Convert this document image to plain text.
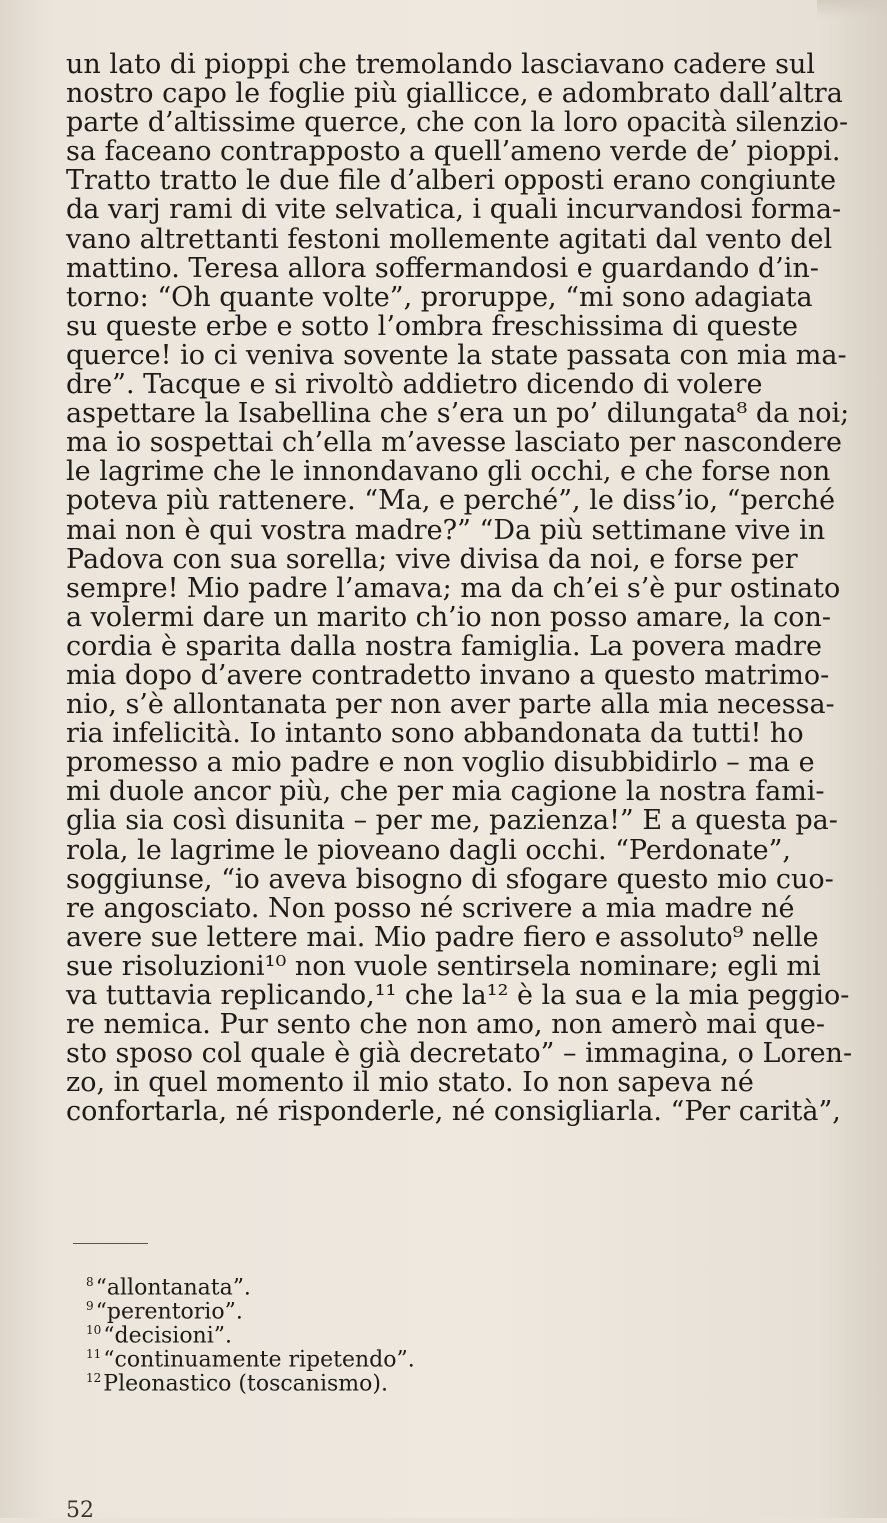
un lato di pioppi che tremolando lasciavano cadere sul
nostro capo le foglie più giallicce, e adombrato dall’altra
parte d’altissime querce, che con la loro opacità silenzio-
sa faceano contrapposto a quell’ameno verde de’ pioppi.
Tratto tratto le due file d’alberi opposti erano congiunte
da varj rami di vite selvatica, i quali incurvandosi forma-
vano altrettanti festoni mollemente agitati dal vento del
mattino. Teresa allora soffermandosi e guardando d’in-
torno: “Oh quante volte”, proruppe, “mi sono adagiata
su queste erbe e sotto l’ombra freschissima di queste
querce! io ci veniva sovente la state passata con mia ma-
dre”. Tacque e si rivoltò addietro dicendo di volere
aspettare la Isabellina che s’era un po’ dilungata⁸ da noi;
ma io sospettai ch’ella m’avesse lasciato per nascondere
le lagrime che le innondavano gli occhi, e che forse non
poteva più rattenere. “Ma, e perché”, le diss’io, “perché
mai non è qui vostra madre?” “Da più settimane vive in
Padova con sua sorella; vive divisa da noi, e forse per
sempre! Mio padre l’amava; ma da ch’ei s’è pur ostinato
a volermi dare un marito ch’io non posso amare, la con-
cordia è sparita dalla nostra famiglia. La povera madre
mia dopo d’avere contradetto invano a questo matrimo-
nio, s’è allontanata per non aver parte alla mia necessa-
ria infelicità. Io intanto sono abbandonata da tutti! ho
promesso a mio padre e non voglio disubbidirlo – ma e
mi duole ancor più, che per mia cagione la nostra fami-
glia sia così disunita – per me, pazienza!” E a questa pa-
rola, le lagrime le pioveano dagli occhi. “Perdonate”,
soggiunse, “io aveva bisogno di sfogare questo mio cuo-
re angosciato. Non posso né scrivere a mia madre né
avere sue lettere mai. Mio padre fiero e assoluto⁹ nelle
sue risoluzioni¹⁰ non vuole sentirsela nominare; egli mi
va tuttavia replicando,¹¹ che la¹² è la sua e la mia peggio-
re nemica. Pur sento che non amo, non amerò mai que-
sto sposo col quale è già decretato” – immagina, o Loren-
zo, in quel momento il mio stato. Io non sapeva né
confortarla, né risponderle, né consigliarla. “Per carità”,
$^8$“allontanata”.
$^9$“perentorio”.
$^{10}$“decisioni”.
$^{11}$“continuamente ripetendo”.
$^{12}$Pleonastico (toscanismo).
52
